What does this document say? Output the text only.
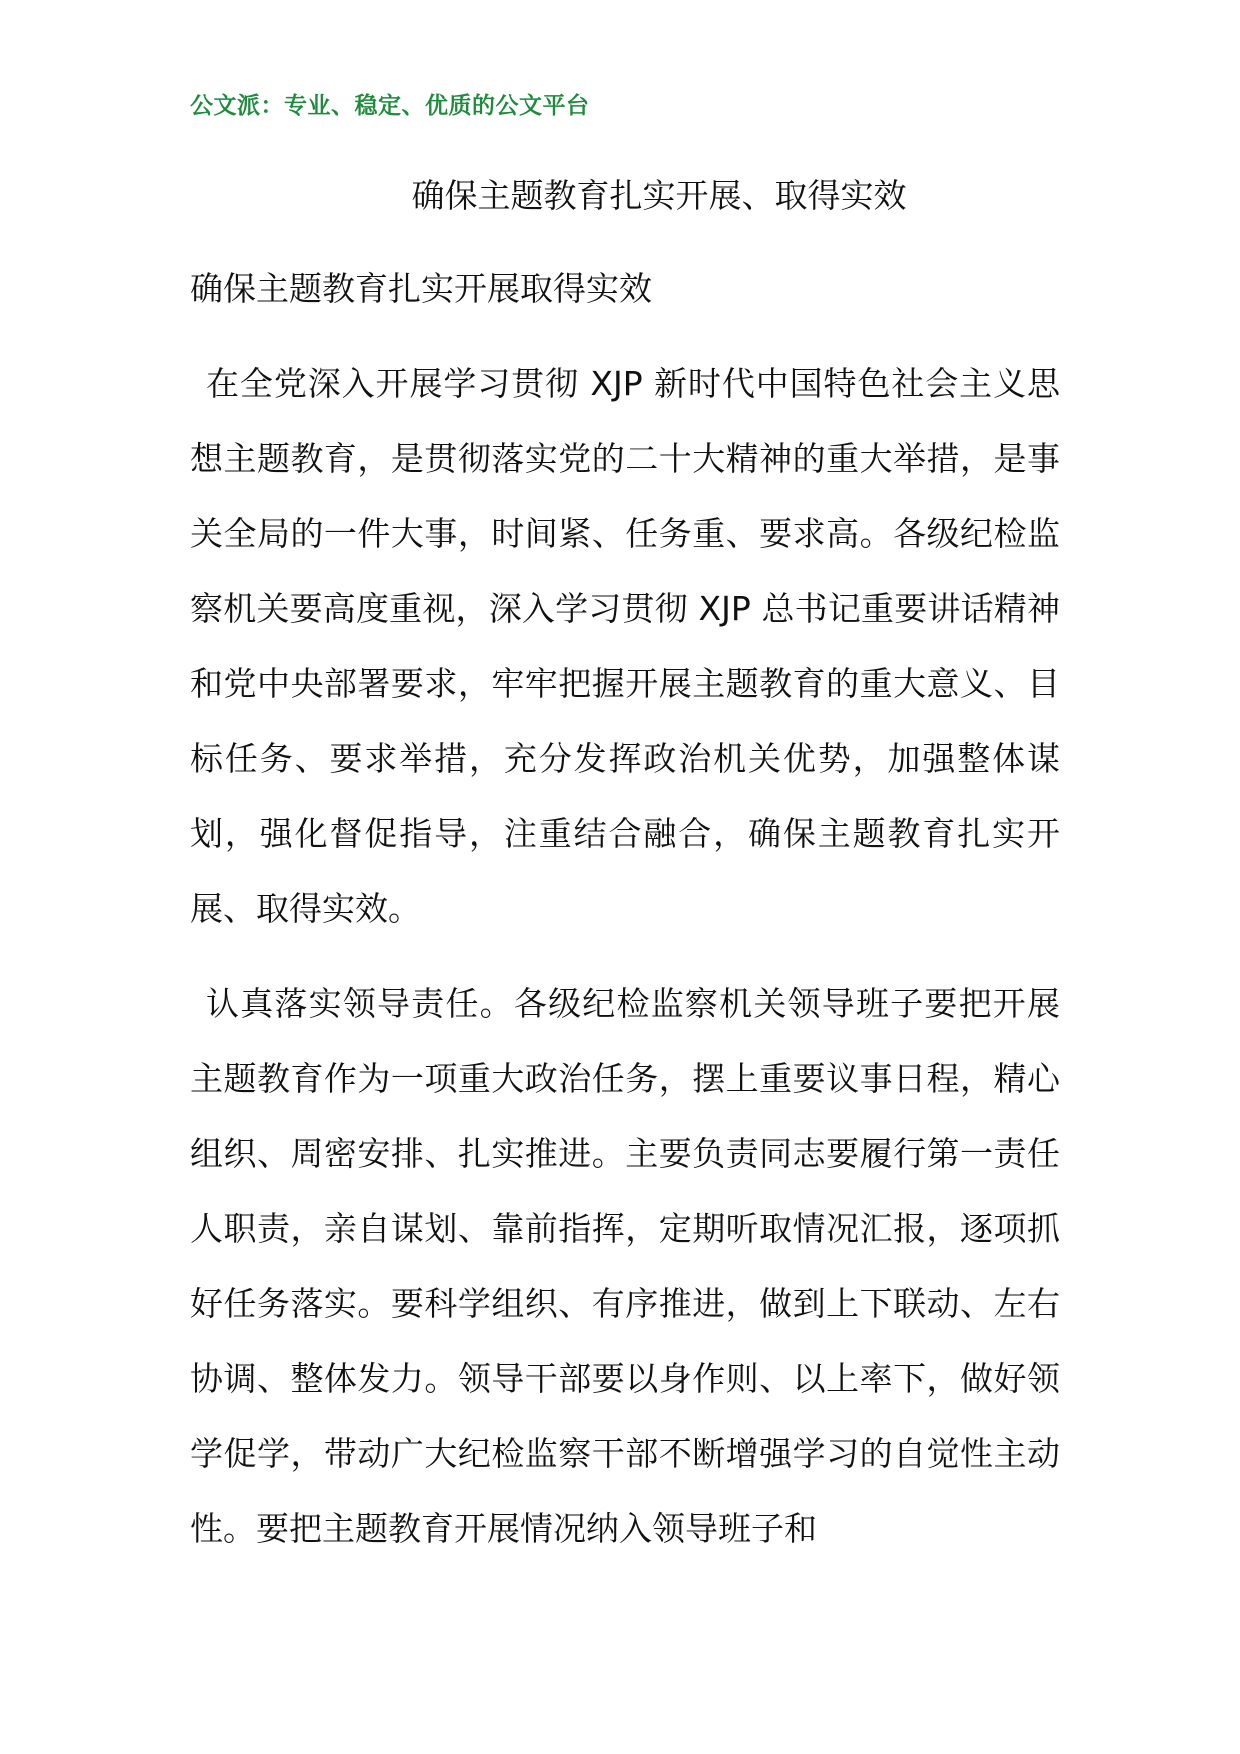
公文派：专业、稳定、优质的公文平台
确保主题教育扎实开展、取得实效
确保主题教育扎实开展取得实效

在全党深入开展学习贯彻 XJP 新时代中国特色社会主义思想主题教育，是贯彻落实党的二十大精神的重大举措，是事关全局的一件大事，时间紧、任务重、要求高。各级纪检监察机关要高度重视，深入学习贯彻 XJP 总书记重要讲话精神和党中央部署要求，牢牢把握开展主题教育的重大意义、目标任务、要求举措，充分发挥政治机关优势，加强整体谋划，强化督促指导，注重结合融合，确保主题教育扎实开展、取得实效。

认真落实领导责任。各级纪检监察机关领导班子要把开展主题教育作为一项重大政治任务，摆上重要议事日程，精心组织、周密安排、扎实推进。主要负责同志要履行第一责任人职责，亲自谋划、靠前指挥，定期听取情况汇报，逐项抓好任务落实。要科学组织、有序推进，做到上下联动、左右协调、整体发力。领导干部要以身作则、以上率下，做好领学促学，带动广大纪检监察干部不断增强学习的自觉性主动性。要把主题教育开展情况纳入领导班子和
